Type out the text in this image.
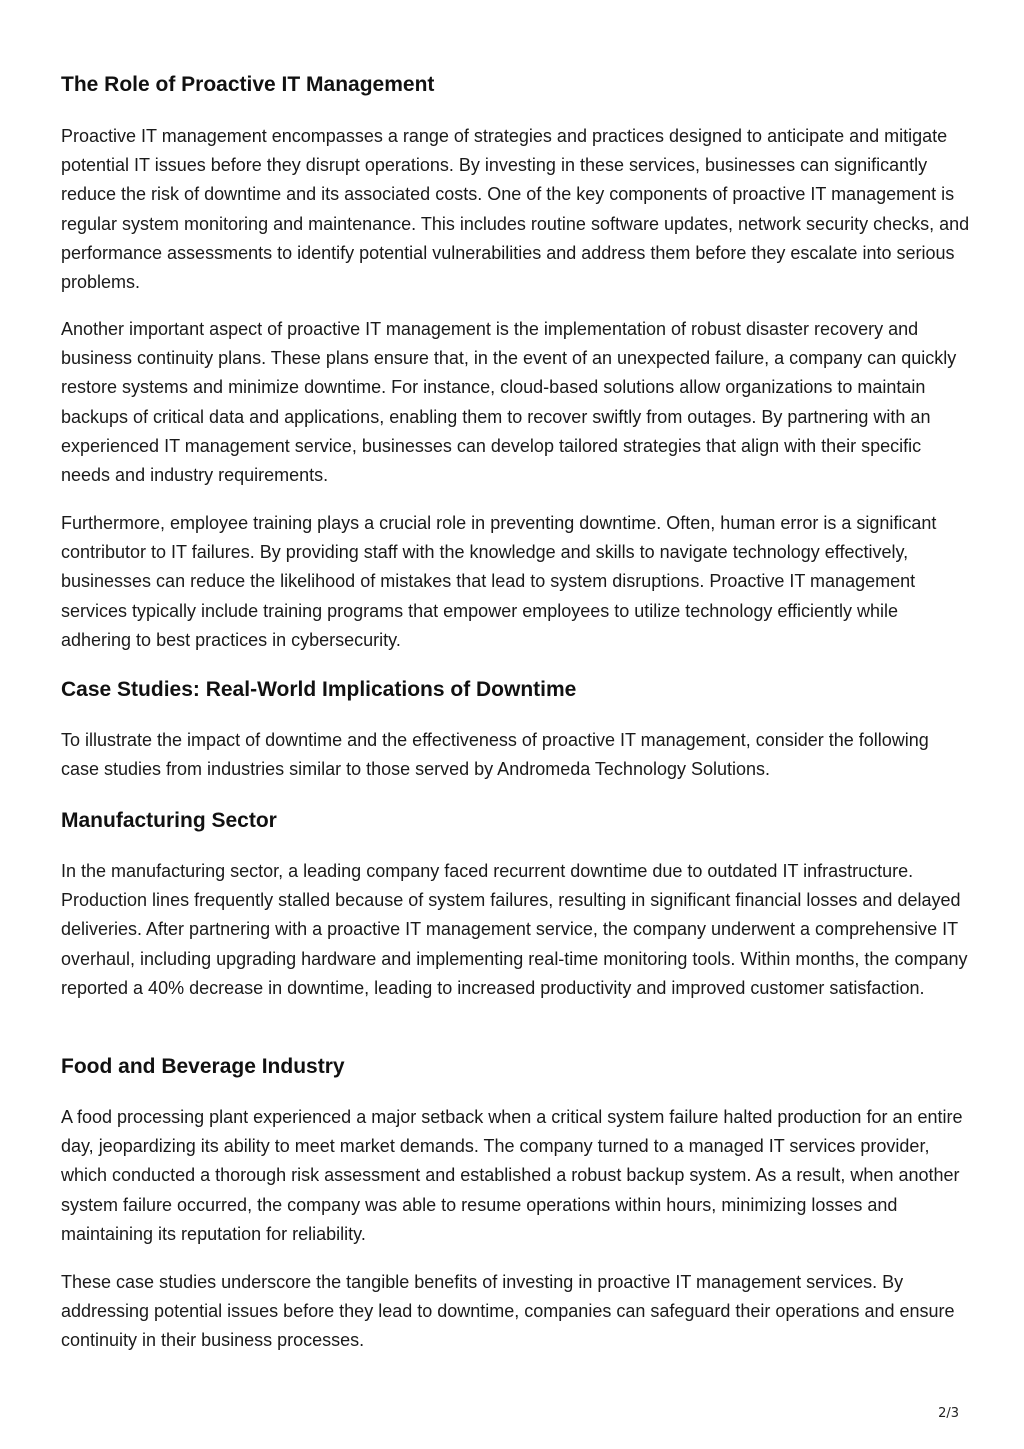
The Role of Proactive IT Management

Proactive IT management encompasses a range of strategies and practices designed to anticipate and mitigate potential IT issues before they disrupt operations. By investing in these services, businesses can significantly reduce the risk of downtime and its associated costs. One of the key components of proactive IT management is regular system monitoring and maintenance. This includes routine software updates, network security checks, and performance assessments to identify potential vulnerabilities and address them before they escalate into serious problems.

Another important aspect of proactive IT management is the implementation of robust disaster recovery and business continuity plans. These plans ensure that, in the event of an unexpected failure, a company can quickly restore systems and minimize downtime. For instance, cloud-based solutions allow organizations to maintain backups of critical data and applications, enabling them to recover swiftly from outages. By partnering with an experienced IT management service, businesses can develop tailored strategies that align with their specific needs and industry requirements.

Furthermore, employee training plays a crucial role in preventing downtime. Often, human error is a significant contributor to IT failures. By providing staff with the knowledge and skills to navigate technology effectively, businesses can reduce the likelihood of mistakes that lead to system disruptions. Proactive IT management services typically include training programs that empower employees to utilize technology efficiently while adhering to best practices in cybersecurity.

Case Studies: Real-World Implications of Downtime

To illustrate the impact of downtime and the effectiveness of proactive IT management, consider the following case studies from industries similar to those served by Andromeda Technology Solutions.

Manufacturing Sector

In the manufacturing sector, a leading company faced recurrent downtime due to outdated IT infrastructure. Production lines frequently stalled because of system failures, resulting in significant financial losses and delayed deliveries. After partnering with a proactive IT management service, the company underwent a comprehensive IT overhaul, including upgrading hardware and implementing real-time monitoring tools. Within months, the company reported a 40% decrease in downtime, leading to increased productivity and improved customer satisfaction.

Food and Beverage Industry

A food processing plant experienced a major setback when a critical system failure halted production for an entire day, jeopardizing its ability to meet market demands. The company turned to a managed IT services provider, which conducted a thorough risk assessment and established a robust backup system. As a result, when another system failure occurred, the company was able to resume operations within hours, minimizing losses and maintaining its reputation for reliability.

These case studies underscore the tangible benefits of investing in proactive IT management services. By addressing potential issues before they lead to downtime, companies can safeguard their operations and ensure continuity in their business processes.

2/3
